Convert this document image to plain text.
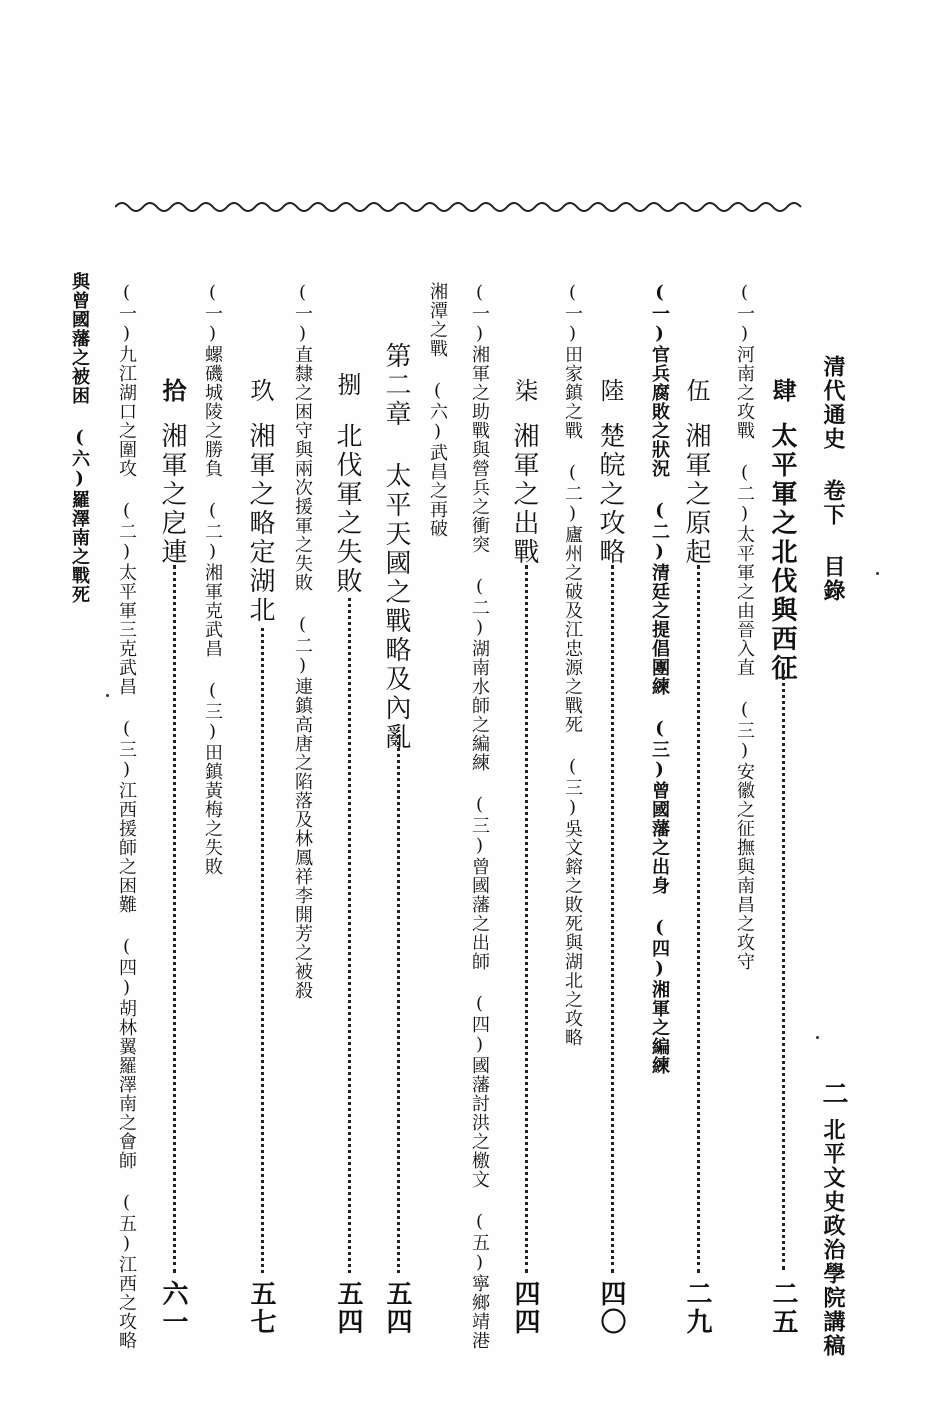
清代通史 卷下 目錄
二
北平文史政治學院講稿
肆
太平軍之北伐與西征
二五
(一)河南之攻戰 (二)太平軍之由晉入直 (三)安徽之征撫與南昌之攻守
伍
湘軍之原起
二九
(一)官兵腐敗之狀況 (二)清廷之提倡團練 (三)曾國藩之出身 (四)湘軍之編練
陸
楚皖之攻略
四〇
(一)田家鎮之戰 (二)廬州之破及江忠源之戰死 (三)吳文鎔之敗死與湖北之攻略
柒
湘軍之出戰
四四
(一)湘軍之助戰與營兵之衝突 (二)湖南水師之編練 (三)曾國藩之出師 (四)國藩討洪之檄文 (五)寧鄉靖港
湘潭之戰 (六)武昌之再破
第二章 太平天國之戰略及內亂
五四
捌
北伐軍之失敗
五四
(一)直隸之困守與兩次援軍之失敗 (二)連鎮高唐之陷落及林鳳祥李開芳之被殺
玖
湘軍之略定湖北
五七
(一)螺磯城陵之勝負 (二)湘軍克武昌 (三)田鎮黃梅之失敗
拾
湘軍之戹連
六一
(一)九江湖口之圍攻 (二)太平軍三克武昌 (三)江西援師之困難 (四)胡林翼羅澤南之會師 (五)江西之攻略
與曾國藩之被困 (六)羅澤南之戰死
